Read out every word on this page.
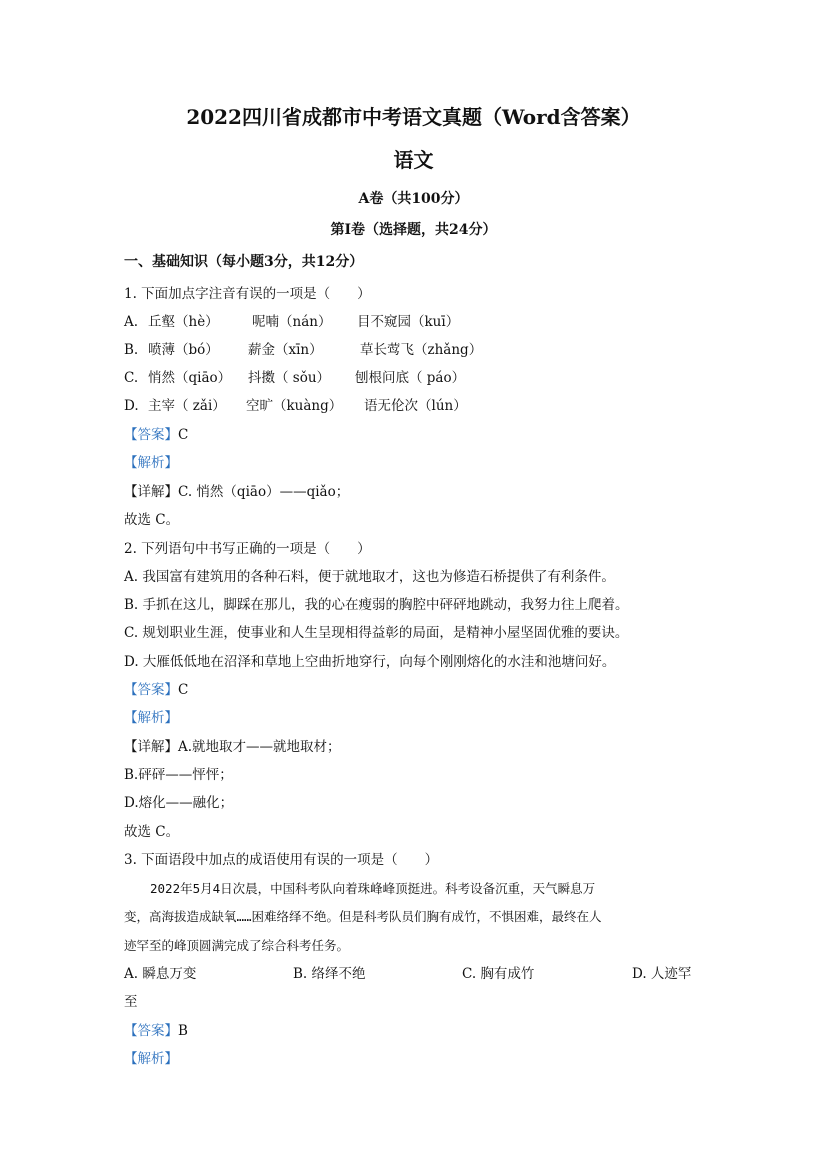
2022四川省成都市中考语文真题（Word含答案）
语文
A卷（共100分）
第Ⅰ卷（选择题，共24分）
一、基础知识（每小题3分，共12分）
1. 下面加点字注音有误的一项是（　　）
A. 丘壑（hè） 呢喃（nán） 目不窥园（kuī）
B. 喷薄（bó） 薪金（xīn）	草长莺飞（zhǎng）
C. 悄然（qiāo） 抖擞（ sǒu） 刨根问底（ páo）
D. 主宰（ zǎi） 空旷（kuàng） 语无伦次（lún）
【答案】C
【解析】
【详解】C. 悄然（qiāo）——qiǎo；
故选 C。
2. 下列语句中书写正确的一项是（　　）
A. 我国富有建筑用的各种石料，便于就地取才，这也为修造石桥提供了有利条件。
B. 手抓在这儿，脚踩在那儿，我的心在瘦弱的胸腔中砰砰地跳动，我努力往上爬着。
C. 规划职业生涯，使事业和人生呈现相得益彰的局面，是精神小屋坚固优雅的要诀。
D. 大雁低低地在沼泽和草地上空曲折地穿行，向每个刚刚熔化的水洼和池塘问好。
【答案】C
【解析】
【详解】A.就地取才——就地取材；
B.砰砰——怦怦；
D.熔化——融化；
故选 C。
3. 下面语段中加点的成语使用有误的一项是（　　）
2022年5月4日次晨，中国科考队向着珠峰峰顶挺进。科考设备沉重，天气瞬息万
变，高海拔造成缺氧……困难络绎不绝。但是科考队员们胸有成竹，不惧困难，最终在人
迹罕至的峰顶圆满完成了综合科考任务。
A. 瞬息万变	B. 络绎不绝	C. 胸有成竹	D. 人迹罕
至
【答案】B
【解析】
